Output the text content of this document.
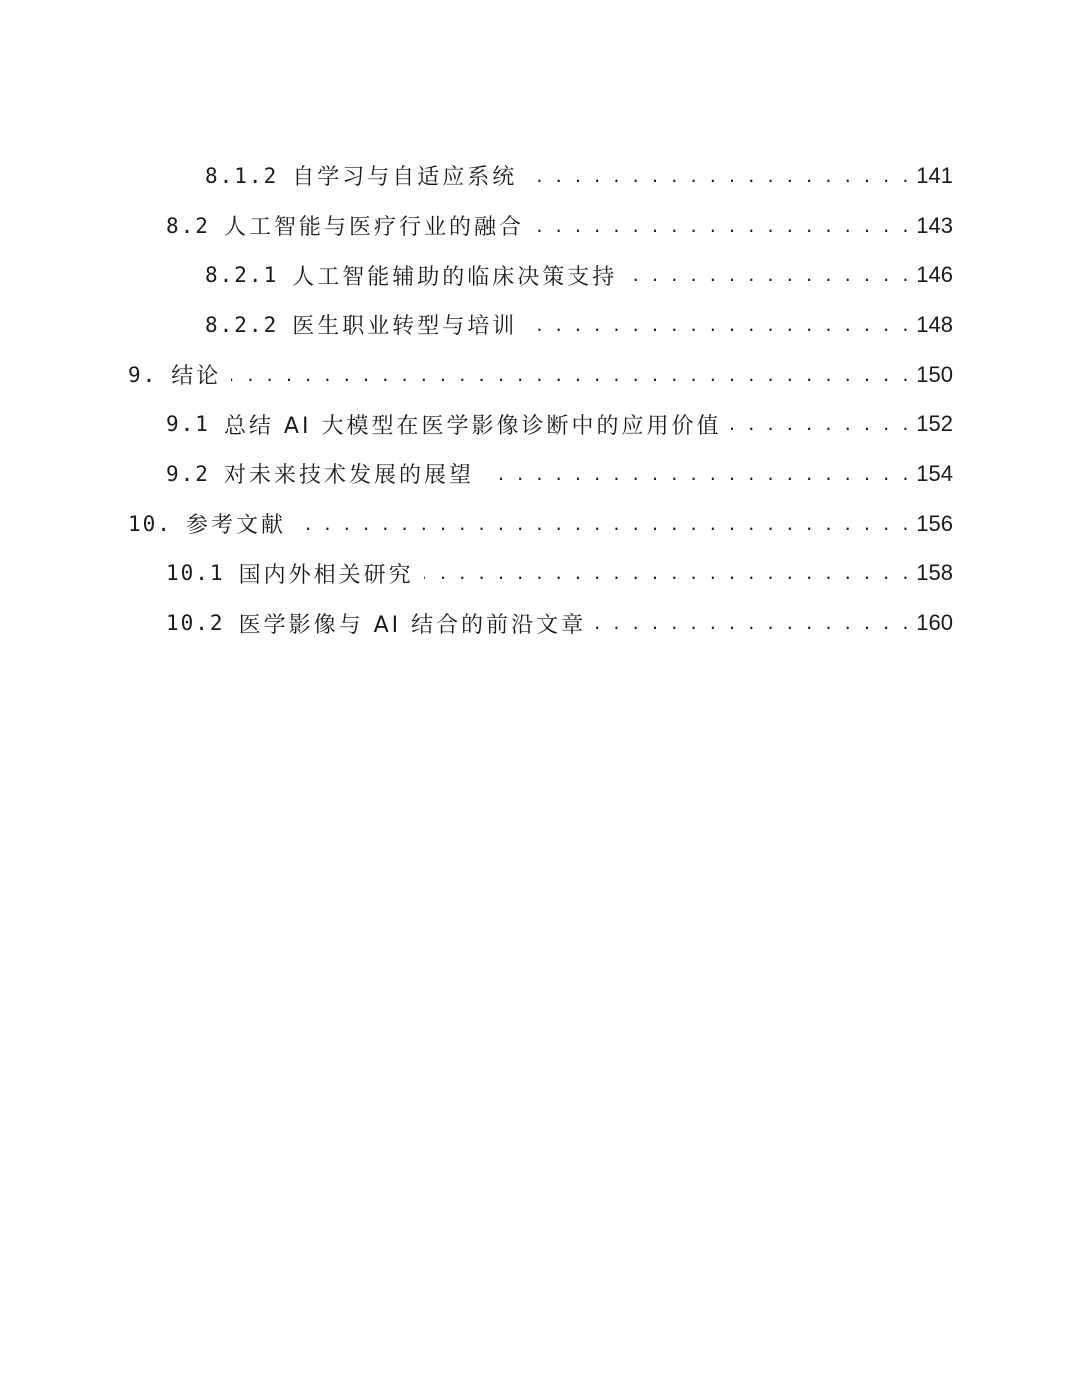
8.1.2 自学习与自适应系统 . . .	141
8.2 人工智能与医疗行业的融合 . . .	143
8.2.1 人工智能辅助的临床决策支持 . . .	146
8.2.2 医生职业转型与培训 . . .	148
9. 结论 . . .	150
9.1 总结 AI 大模型在医学影像诊断中的应用价值 . . .	152
9.2 对未来技术发展的展望 . . .	154
10. 参考文献 . . .	156
10.1 国内外相关研究 . . .	158
10.2 医学影像与 AI 结合的前沿文章 . . .	160
